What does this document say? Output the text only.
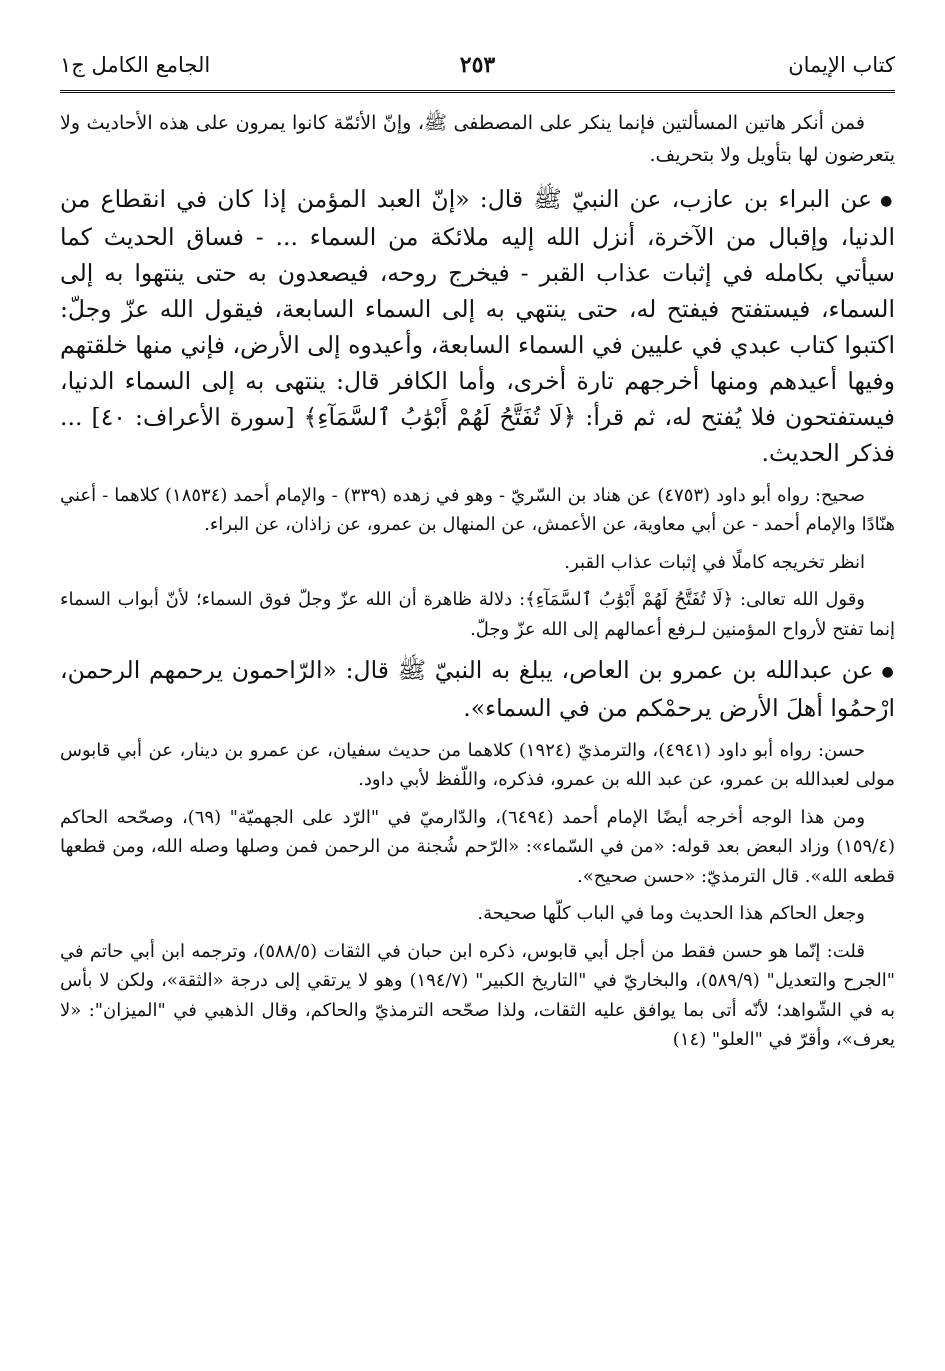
كتاب الإيمان
٢٥٣
الجامع الكامل ج١

فمن أنكر هاتين المسألتين فإنما ينكر على المصطفى ﷺ، وإنّ الأئمّة كانوا يمرون على هذه الأحاديث ولا يتعرضون لها بتأويل ولا بتحريف.

●عن البراء بن عازب، عن النبيّ ﷺ قال: «إنّ العبد المؤمن إذا كان في انقطاع من الدنيا، وإقبال من الآخرة، أنزل الله إليه ملائكة من السماء ... - فساق الحديث كما سيأتي بكامله في إثبات عذاب القبر - فيخرج روحه، فيصعدون به حتى ينتهوا به إلى السماء، فيستفتح فيفتح له، حتى ينتهي به إلى السماء السابعة، فيقول الله عزّ وجلّ: اكتبوا كتاب عبدي في عليين في السماء السابعة، وأعيدوه إلى الأرض، فإني منها خلقتهم وفيها أعيدهم ومنها أخرجهم تارة أخرى، وأما الكافر قال: ينتهى به إلى السماء الدنيا، فيستفتحون فلا يُفتح له، ثم قرأ: ﴿لَا تُفَتَّحُ لَهُمْ أَبْوَٰبُ ٱلسَّمَآءِ﴾ [سورة الأعراف: ٤٠] ... فذكر الحديث.

صحيح: رواه أبو داود (٤٧٥٣) عن هناد بن السّريّ - وهو في زهده (٣٣٩) - والإمام أحمد (١٨٥٣٤) كلاهما - أعني هنّادًا والإمام أحمد - عن أبي معاوية، عن الأعمش، عن المنهال بن عمرو، عن زاذان، عن البراء.

انظر تخريجه كاملًا في إثبات عذاب القبر.

وقول الله تعالى: ﴿لَا تُفَتَّحُ لَهُمْ أَبْوَٰبُ ٱلسَّمَآءِ﴾: دلالة ظاهرة أن الله عزّ وجلّ فوق السماء؛ لأنّ أبواب السماء إنما تفتح لأرواح المؤمنين لـرفع أعمالهم إلى الله عزّ وجلّ.

●عن عبدالله بن عمرو بن العاص، يبلغ به النبيّ ﷺ قال: «الرّاحمون يرحمهم الرحمن، ارْحمُوا أهلَ الأرض يرحمْكم من في السماء».

حسن: رواه أبو داود (٤٩٤١)، والترمذيّ (١٩٢٤) كلاهما من حديث سفيان، عن عمرو بن دينار، عن أبي قابوس مولى لعبدالله بن عمرو، عن عبد الله بن عمرو، فذكره، واللّفظ لأبي داود.

ومن هذا الوجه أخرجه أيضًا الإمام أحمد (٦٤٩٤)، والدّارميّ في "الرّد على الجهميّة" (٦٩)، وصحّحه الحاكم (١٥٩/٤) وزاد البعض بعد قوله: «من في السّماء»: «الرّحم شُجنة من الرحمن فمن وصلها وصله الله، ومن قطعها قطعه الله». قال الترمذيّ: «حسن صحيح».

وجعل الحاكم هذا الحديث وما في الباب كلّها صحيحة.

قلت: إنّما هو حسن فقط من أجل أبي قابوس، ذكره ابن حبان في الثقات (٥٨٨/٥)، وترجمه ابن أبي حاتم في "الجرح والتعديل" (٥٨٩/٩)، والبخاريّ في "التاريخ الكبير" (١٩٤/٧) وهو لا يرتقي إلى درجة «الثقة»، ولكن لا بأس به في الشّواهد؛ لأنّه أتى بما يوافق عليه الثقات، ولذا صحّحه الترمذيّ والحاكم، وقال الذهبي في "الميزان": «لا يعرف»، وأقرّ في "العلو" (١٤)
